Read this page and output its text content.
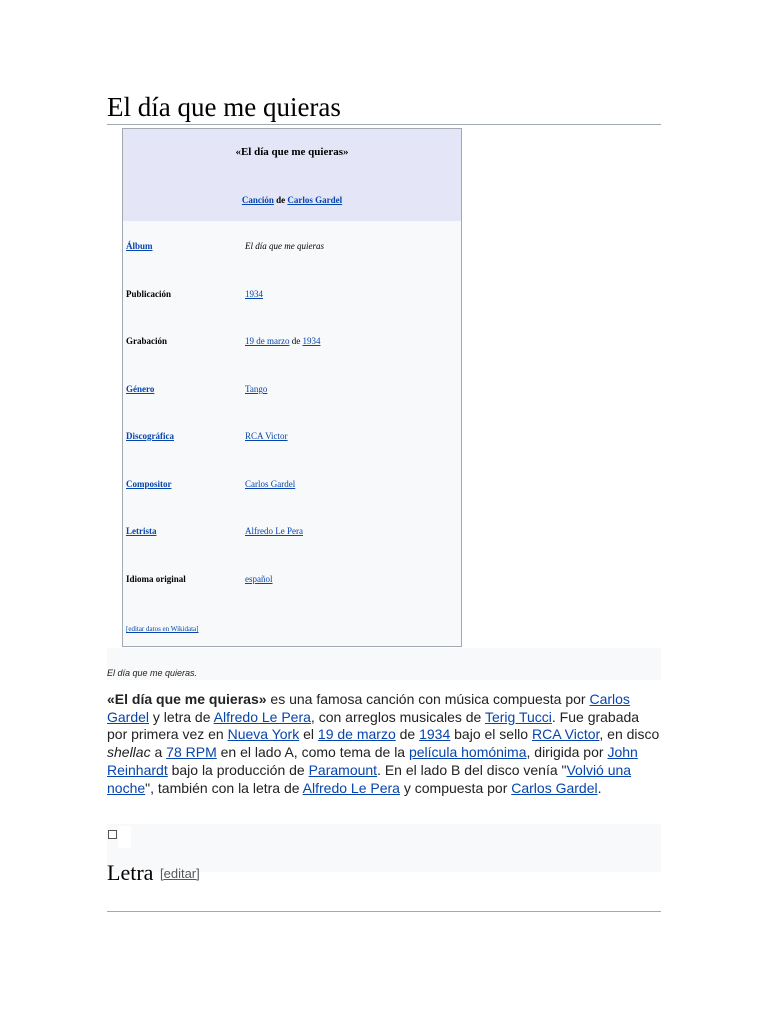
El día que me quieras
«El día que me quieras»
Canción de Carlos Gardel
Álbum	El día que me quieras
Publicación	1934
Grabación	19 de marzo de 1934
Género	Tango
Discográfica	RCA Victor
Compositor	Carlos Gardel
Letrista	Alfredo Le Pera
Idioma original	español
[editar datos en Wikidata]
El día que me quieras.

«El día que me quieras» es una famosa canción con música compuesta por Carlos Gardel y letra de Alfredo Le Pera, con arreglos musicales de Terig Tucci. Fue grabada por primera vez en Nueva York el 19 de marzo de 1934 bajo el sello RCA Victor, en disco shellac a 78 RPM en el lado A, como tema de la película homónima, dirigida por John Reinhardt bajo la producción de Paramount. En el lado B del disco venía "Volvió una noche", también con la letra de Alfredo Le Pera y compuesta por Carlos Gardel.

Letra [editar]
